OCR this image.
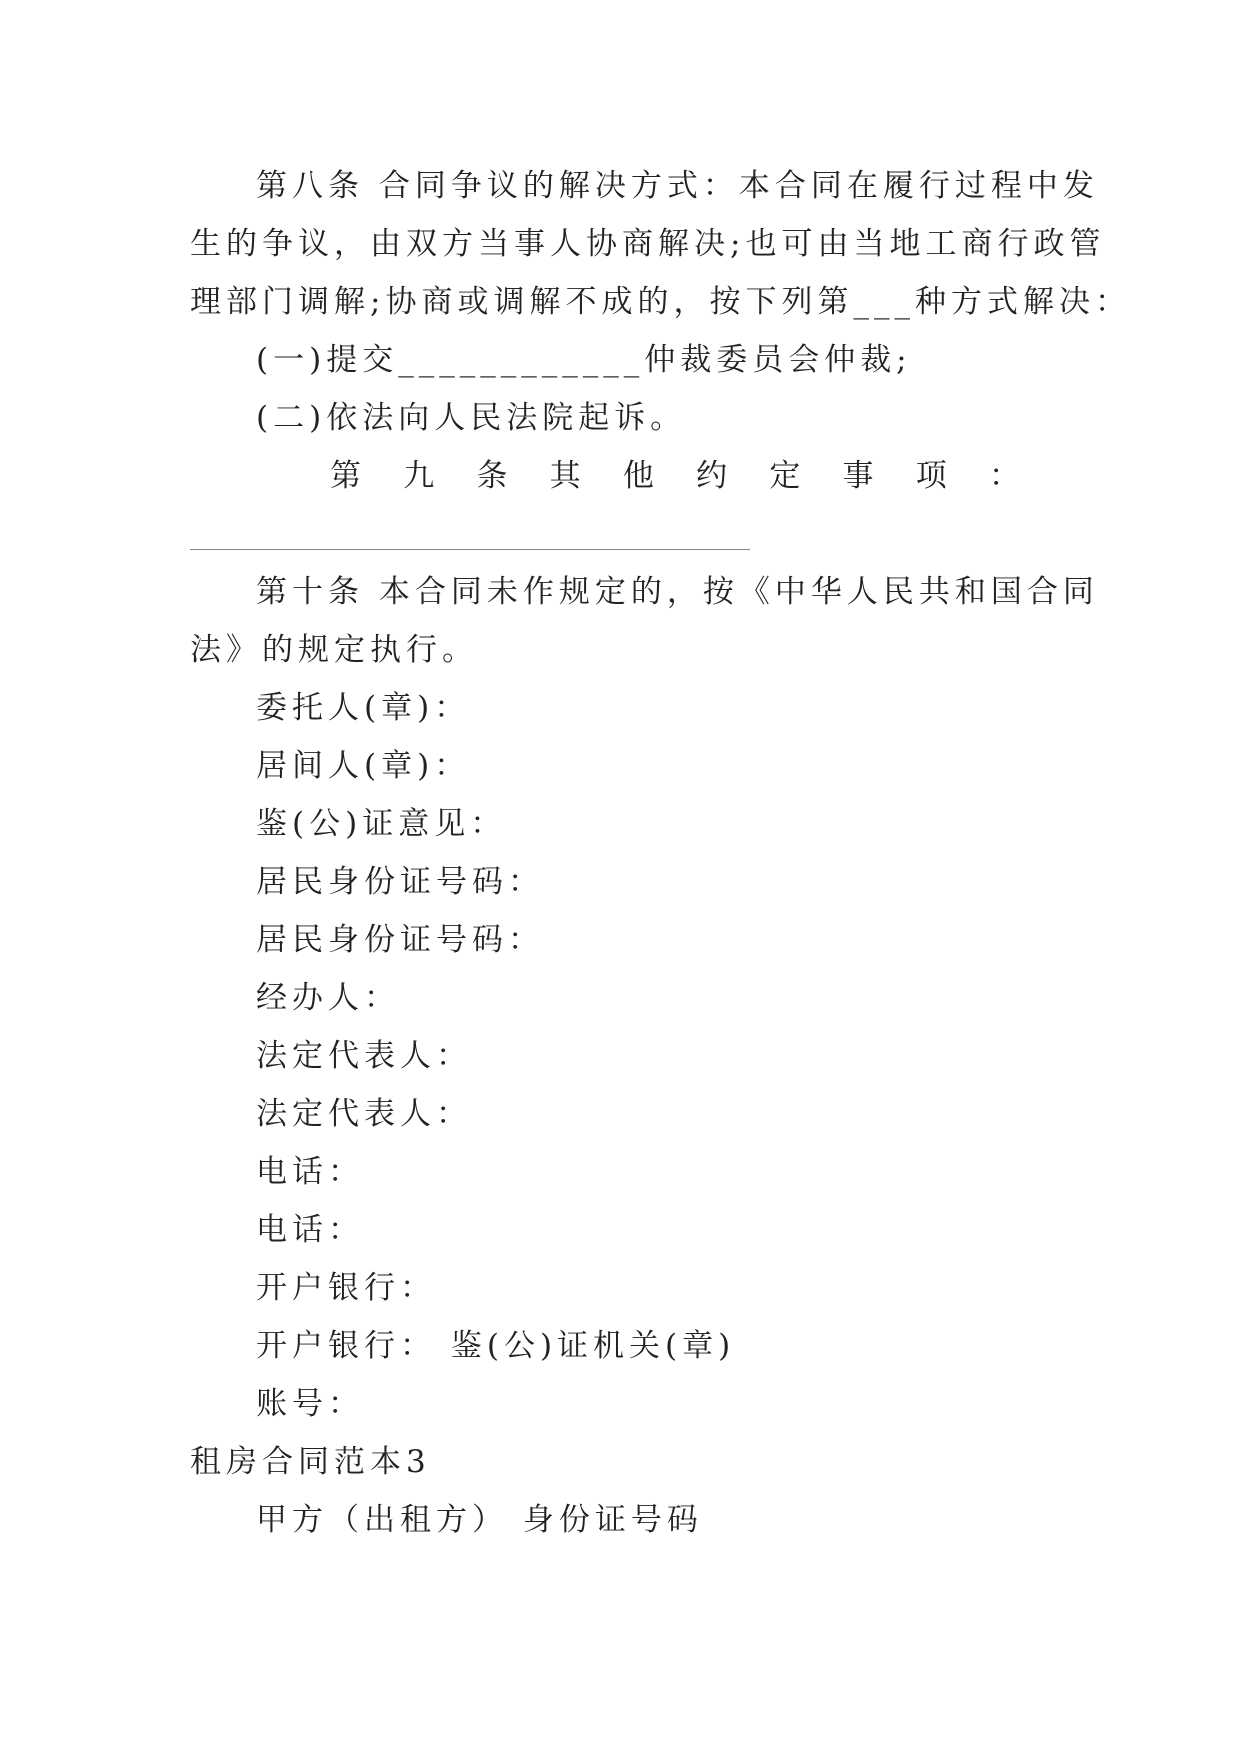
第八条 合同争议的解决方式：本合同在履行过程中发
生的争议，由双方当事人协商解决;也可由当地工商行政管
理部门调解;协商或调解不成的，按下列第___种方式解决：
(一)提交____________仲裁委员会仲裁;
(二)依法向人民法院起诉。
第 九 条 其 他 约 定 事 项 ：
第十条 本合同未作规定的，按《中华人民共和国合同
法》的规定执行。
委托人(章)：
居间人(章)：
鉴(公)证意见：
居民身份证号码：
居民身份证号码：
经办人：
法定代表人：
法定代表人：
电话：
电话：
开户银行：
开户银行： 鉴(公)证机关(章)
账号：
租房合同范本3
甲方（出租方） 身份证号码
